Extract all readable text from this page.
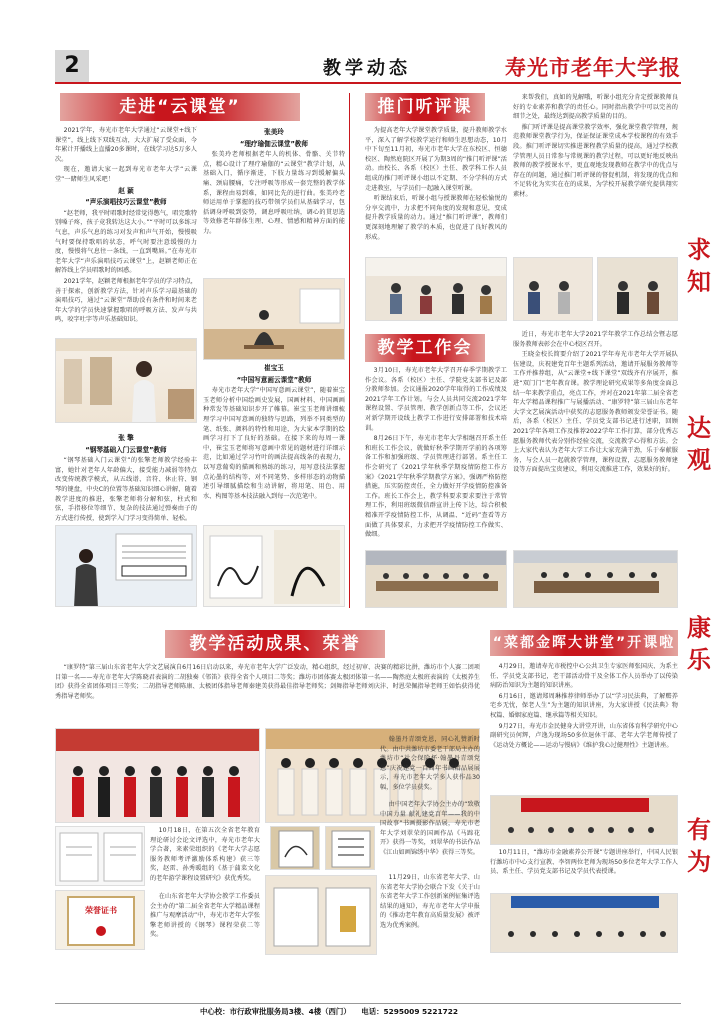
2	教学动态	寿光市老年大学报
走进“云课堂”

2021学年，寿光市老年大学通过“云课堂+线下课堂”，线上线下双线互动，大大扩展了受众面，今年累计开播线上直播20多课时，在线学习达5万多人次。

现在，邀请大家一起到寿光市老年大学“云课堂”一睹师生风采吧！

赵 颖
“声乐演唱技巧云课堂”教师

“赵老师，我平时唱歌时经常觉得憋气，唱完歌特别嗓子疼，孩子竟我转达这大小。”“平时可以多练习气息，声乐气息的练习对发声和声气开始，慢慢吸气时要保持歌唱的状态，呼气时要注意缓慢的力度，慢慢将气息往一条线，一直到嘴唇。”在寿光市老年大学“声乐演唱技巧云课堂”上，赵颖老师正在解答线上学员唱歌时的困惑。

2021学年，赵颖老师根据老年学员的学习特点，善于探索，创新教学方法，针对声乐学习最基础的演唱技巧，通过“云课堂”帮助没有条件和时间来老年大学的学员快速掌握歌唱的呼吸方法、发声与共鸣，咬字吐字等声乐基础知识。

张 擎
“钢琴基础入门云课堂”教师

“钢琴基础入门云课堂”的张擎老师教学经验丰富，她针对老年人年龄偏大，接受能力减弱等特点改变传统教学模式，从五线谱、音符、休止符、钢琴的键盘，中央C的位置等基础知识细心讲解，随着教学进度的推进，张擎老师将分解和弦，柱式和弦，手指移位等细节、复杂的技法通过弹奏由子的方式进行传授，使到学入门学习变得简单、轻松。

张美玲
“理疗瑜伽云课堂”教师

张美玲老师根据老年人的机体、骨骼、关节特点，精心设计了理疗瑜伽的“云课堂”教学计划，从基础入门，循序渐进，下肢力量练习到缓解偏头痛、颈肩腰痛，专注呼吸等形成一套完整的教学体系，课程由易到难，如同比先的进行曲。张美玲老师运用单于掌握的技巧带领学员们从基础学习，包括调身呼吸到姿势，调息呼吸吐纳，调心的贯思选等效修老年群体生理、心理、情感和精神方面的能力。

崔宝玉
“中国写意画云课堂”教师

寿光市老年大学“中国写意画云课堂”，随着崔宝玉老师分析中国绘画史发展，国画材料、中国画画种常发等基础知识步开了帷幕。崔宝玉老师讲细梳理学习中国写意画的独特与思路，列举不同类型的笔、纸张、颜料的特性和用途，为大家本学期的绘画学习打下了良好的基础。在接下来的每周一课中，崔宝玉老师将写意画中常见的题材进行详细示范，比如通过学习竹叶的画法提高线条的表现力，以写意葡萄的描画和熟练的练习，用写意技法掌握点沁墨的结构等，对不同笔势、多样形态的动物描述引导细腻描绘和生动讲解，将用笔、用色、用水、构图等基本技法融入到每一次范笔中。

推门听评课

为提高老年大学课堂教学质量，提升教师教学水平，深入了解学校教学运行和师生思想动态，10月中下旬至11月初，寿光市老年大学在东校区、恒德校区、陶然庭院区开展了为期3周的“推门听评课”活动。由校长、各系（校区）主任、教学科工作人员组成的推门听评课小组以不定期、不分学科的方式走进教室，与学员们一起融入课堂听课。

听课结束后，听课小组与授课教师在轻松愉悦的分享交流中，力求把不同角度的发现和意见，变成提升教学质量的动力。通过“推门听评课”，教师们更深刻地理解了教学的本质，也促进了良好教风的形成。

来帮我们，真如的见解哦，听课小组充分肯定授课教师良好的专业素养和教学的责任心。同时指出教学中可以完善的细节之处，最终达到提高教学质量的目的。

推门听评课是提高课堂教学效率，强化课堂教学管理，规范教师课堂教学行为，保证保证课堂成本学校课程的有效手段。推门听评课切实推进课程教学质量的提高，通过学校教学管理人员日常参与常规课的教学过程，可以更好地反映出教师的教学授课水平，更直观地发现教师在教学中的优点与存在的问题，通过推门听评课的督促机制，将发现的优点和不足转化为实实在在的成果，为学校开展教学研究提供翔实素材。

教学工作会

3月10日，寿光市老年大学召开春季学期教学工作会议。各系（校区）主任、学院党支部书记及部分教师参加。会议通报2020学年取得的工作成绩及2021学年工作计划。与会人员共同交流2021学年课程设置、学员管理、教学创新点等工作，会议还对新学期开设线上教学工作进行安排部署和技术培训。

8月26日下午，寿光市老年大学相继召开系主任和班长工作会议，就做好秋季学期开学前的各项筹备工作和加强班级、学员管理进行部署。系主任工作会研究了《2021学年秋季学期疫情防控工作方案》《2021学年秋季学期教学方案》，强调严格防控措施，压实防控责任，全力做好开学疫情防控准备工作。班长工作会上，教学科要求要求要注于常管理工作，利用班级微信群宣讲上传下达，综合积极精准开学疫情防控工作，从调温、“近码”查看等方面做了具体要求，力求把开学疫情防控工作做实、做细。

近日，寿光市老年大学2021学年教学工作总结会暨志愿服务教师表彰会在中心校区召开。

王晓金校长简要介绍了2021学年寿光市老年大学开展队伍建设，庆祝建党百年主题系列活动，邀请开展服务教师等工作并推荐组，从“云课堂+线下课堂”双线齐有序展开，推进“双门门”老年教育课。教学理论研究成果等多角度金面总结一年来教学重点，亮点工作，并对在2021年第二届全省老年大学精品课程推广与展播活动、“康罗特”第三届山东老年大学文艺展演活动中获奖的志愿服务教师颁发荣誉证书。随后，各系（校区）主任、学员党支部书记进行述职，回顾2021学年各项工作及推荐2022学年工作打算，部分优秀志愿服务教师代表分别作经验交流，交流教学心得和方法。会上大家代表认为老年大学工作让大家充满干劲，乐于奉献服务，与会人员一起就教学管理，课程设置，志愿服务教师建设等方面提出宝贵建议，利用交流推进工作，效果好的好。

教学活动成果、荣誉

“康罗特”第三届山东省老年大学文艺展演自6月16日启动以来，寿光市老年大学广泛发动，精心组织，经过初审、决赛的精彩比拼，潍坊市个人赛二团项目第一名——寿光市老年大学陈晓君表演的二胡独奏《邻笛》获得全省个人项目二等奖；潍坊市团体赛太极团体第一名——陶然庭太极班表演的《太极养生团》获得全省团体项目三等奖；二胡指导老师陈康、太极团体指导老师秦建美获得最佳指导老师奖；剑舞指导老师刘庆沣、时恩荣佩指导老师王如怡获得优秀指导老师奖。

10月18日，在第五次全省老年教育理论研讨会论文评选中，寿光市老年大学合著，来素荣组织的《老年大学志愿服务教师考评激励体系构建》获三等奖，赵雷、孙秀暖组的《基于蒲菜文化的老年游学课程设置研究》获优秀奖。

荣誉证书

在山东省老年大学协会教学工作委员会主办的“第二届全省老年大学精品课程推广与观摩活动”中，寿光市老年大学张擎老师讲授的《钢琴》课程荣获二等奖。

翰墨丹青颂党恩，同心礼赞新时代。由中共潍坊市委老干部局主办的潍坊市“社会保险杯·翰墨丹青颂党恩”庆祝建党一百周年书画精品展展示，寿光市老年大学多人获作品30幅，多位学员获奖。

由中国老年大学协会主办的“致敬中国力量 献礼建党百年——我的中国故事”书画摄影作品展，寿光市老年大学刘翠荣的国画作品《马蹄花开》获得一等奖，刘翠华的书法作品《江山如画锦绣中华》获得三等奖。

11月29日，山东省老年大学、山东省老年大学协会联合下发《关于山东省老年大学工作创新案例征集评选结果的通知》，寿光市老年大学申报的《推动老年教育高质量发展》被评选为优秀案例。

“菜都金晖大讲堂”开课啦

4月29日，邀请寿光市税控中心公共卫生专家医师张国庆、为系主任、学员党支部书记，老干部活动骨干及全体工作人员举办了以传染病防治知识为主题的知识讲座。

6月16日，邀请郑周琳推荐律师举办了以“学习民法典，了解赡养宅乡无忧，保老人生”为主题的知识讲座，为大家讲授《民法典》物权篇、婚姻家庭篇、继承篇等相关知识。

9月27日，寿光市金民健身大讲堂开讲，山东省体育科学研究中心副研究员何辉，卢逸为现场50多位退休干部、老年大学老师传授了《运动处方概论——运动与慢病》《维护我心过健理性》主题讲座。

10月11日，“潍坊市金融素养公开课”专题讲座举行，中国人民银行潍坊市中心支行宣教、李智两位老师为现场50多位老年大学工作人员、系主任、学员党支部书记及学员代表授课。

求
知
达
观
康
乐
有
为
中心校：市行政审批服务局3楼、4楼（西门） 电话：5295009 5221722
